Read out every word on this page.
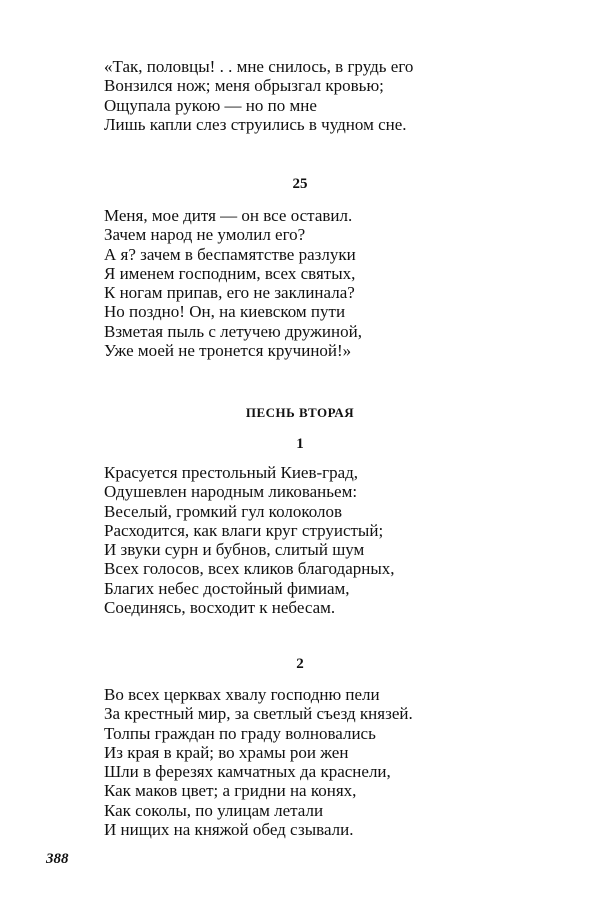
«Так, половцы! . . мне снилось, в грудь его
Вонзился нож; меня обрызгал кровью;
Ощупала рукою — но по мне
Лишь капли слез струились в чудном сне.
25
Меня, мое дитя — он все оставил.
Зачем народ не умолил его?
А я? зачем в беспамятстве разлуки
Я именем господним, всех святых,
К ногам припав, его не заклинала?
Но поздно! Он, на киевском пути
Взметая пыль с летучею дружиной,
Уже моей не тронется кручиной!»
ПЕСНЬ ВТОРАЯ
1
Красуется престольный Киев-град,
Одушевлен народным ликованьем:
Веселый, громкий гул колоколов
Расходится, как влаги круг струистый;
И звуки сурн и бубнов, слитый шум
Всех голосов, всех кликов благодарных,
Благих небес достойный фимиам,
Соединясь, восходит к небесам.
2
Во всех церквах хвалу господню пели
За крестный мир, за светлый съезд князей.
Толпы граждан по граду волновались
Из края в край; во храмы рои жен
Шли в ферезях камчатных да краснели,
Как маков цвет; а гридни на конях,
Как соколы, по улицам летали
И нищих на княжой обед сзывали.
388
